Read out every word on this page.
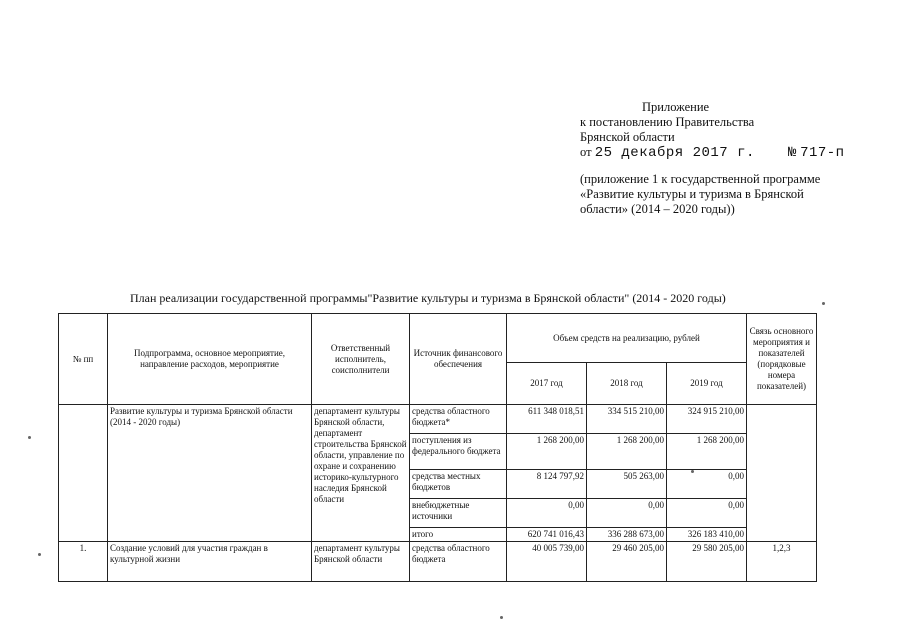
Приложение
к постановлению Правительства
Брянской области
от 25 декабря 2017 г. № 717-п
(приложение 1 к государственной программе
«Развитие культуры и туризма в Брянской
области» (2014 – 2020 годы))
План реализации государственной программы"Развитие культуры и туризма в Брянской области" (2014 - 2020 годы)
№ пп	Подпрограмма, основное мероприятие, направление расходов, мероприятие	Ответственный исполнитель, соисполнители	Источник финансового обеспечения	Объем средств на реализацию, рублей			Связь основного мероприятия и показателей (порядковые номера показателей)
				2017 год	2018 год	2019 год	
	Развитие культуры и туризма Брянской области (2014 - 2020 годы)	департамент культуры Брянской области, департамент строительства Брянской области, управление по охране и сохранению историко-культурного наследия Брянской области	средства областного бюджета*	611 348 018,51	334 515 210,00	324 915 210,00	
			поступления из федерального бюджета	1 268 200,00	1 268 200,00	1 268 200,00	
			средства местных бюджетов	8 124 797,92	505 263,00	0,00	
			внебюджетные источники	0,00	0,00	0,00	
			итого	620 741 016,43	336 288 673,00	326 183 410,00	
1.	Создание условий для участия граждан в культурной жизни	департамент культуры Брянской области	средства областного бюджета	40 005 739,00	29 460 205,00	29 580 205,00	1,2,3
